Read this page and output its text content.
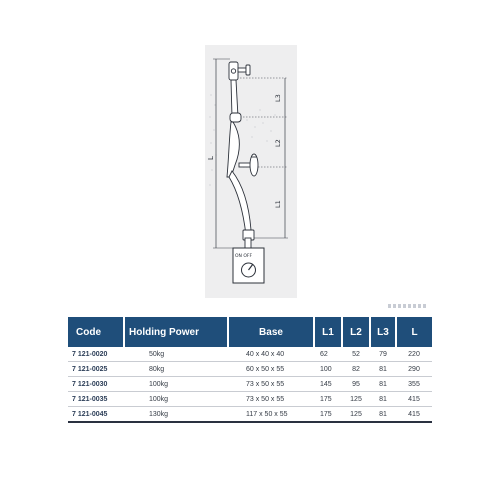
L
L3
L2
L1
ON OFF
Code	Holding Power	Base	L1	L2	L3	L
7 121-0020	50kg	40 x 40 x 40	62	52	79	220
7 121-0025	80kg	60 x 50 x 55	100	82	81	290
7 121-0030	100kg	73 x 50 x 55	145	95	81	355
7 121-0035	100kg	73 x 50 x 55	175	125	81	415
7 121-0045	130kg	117 x 50 x 55	175	125	81	415
